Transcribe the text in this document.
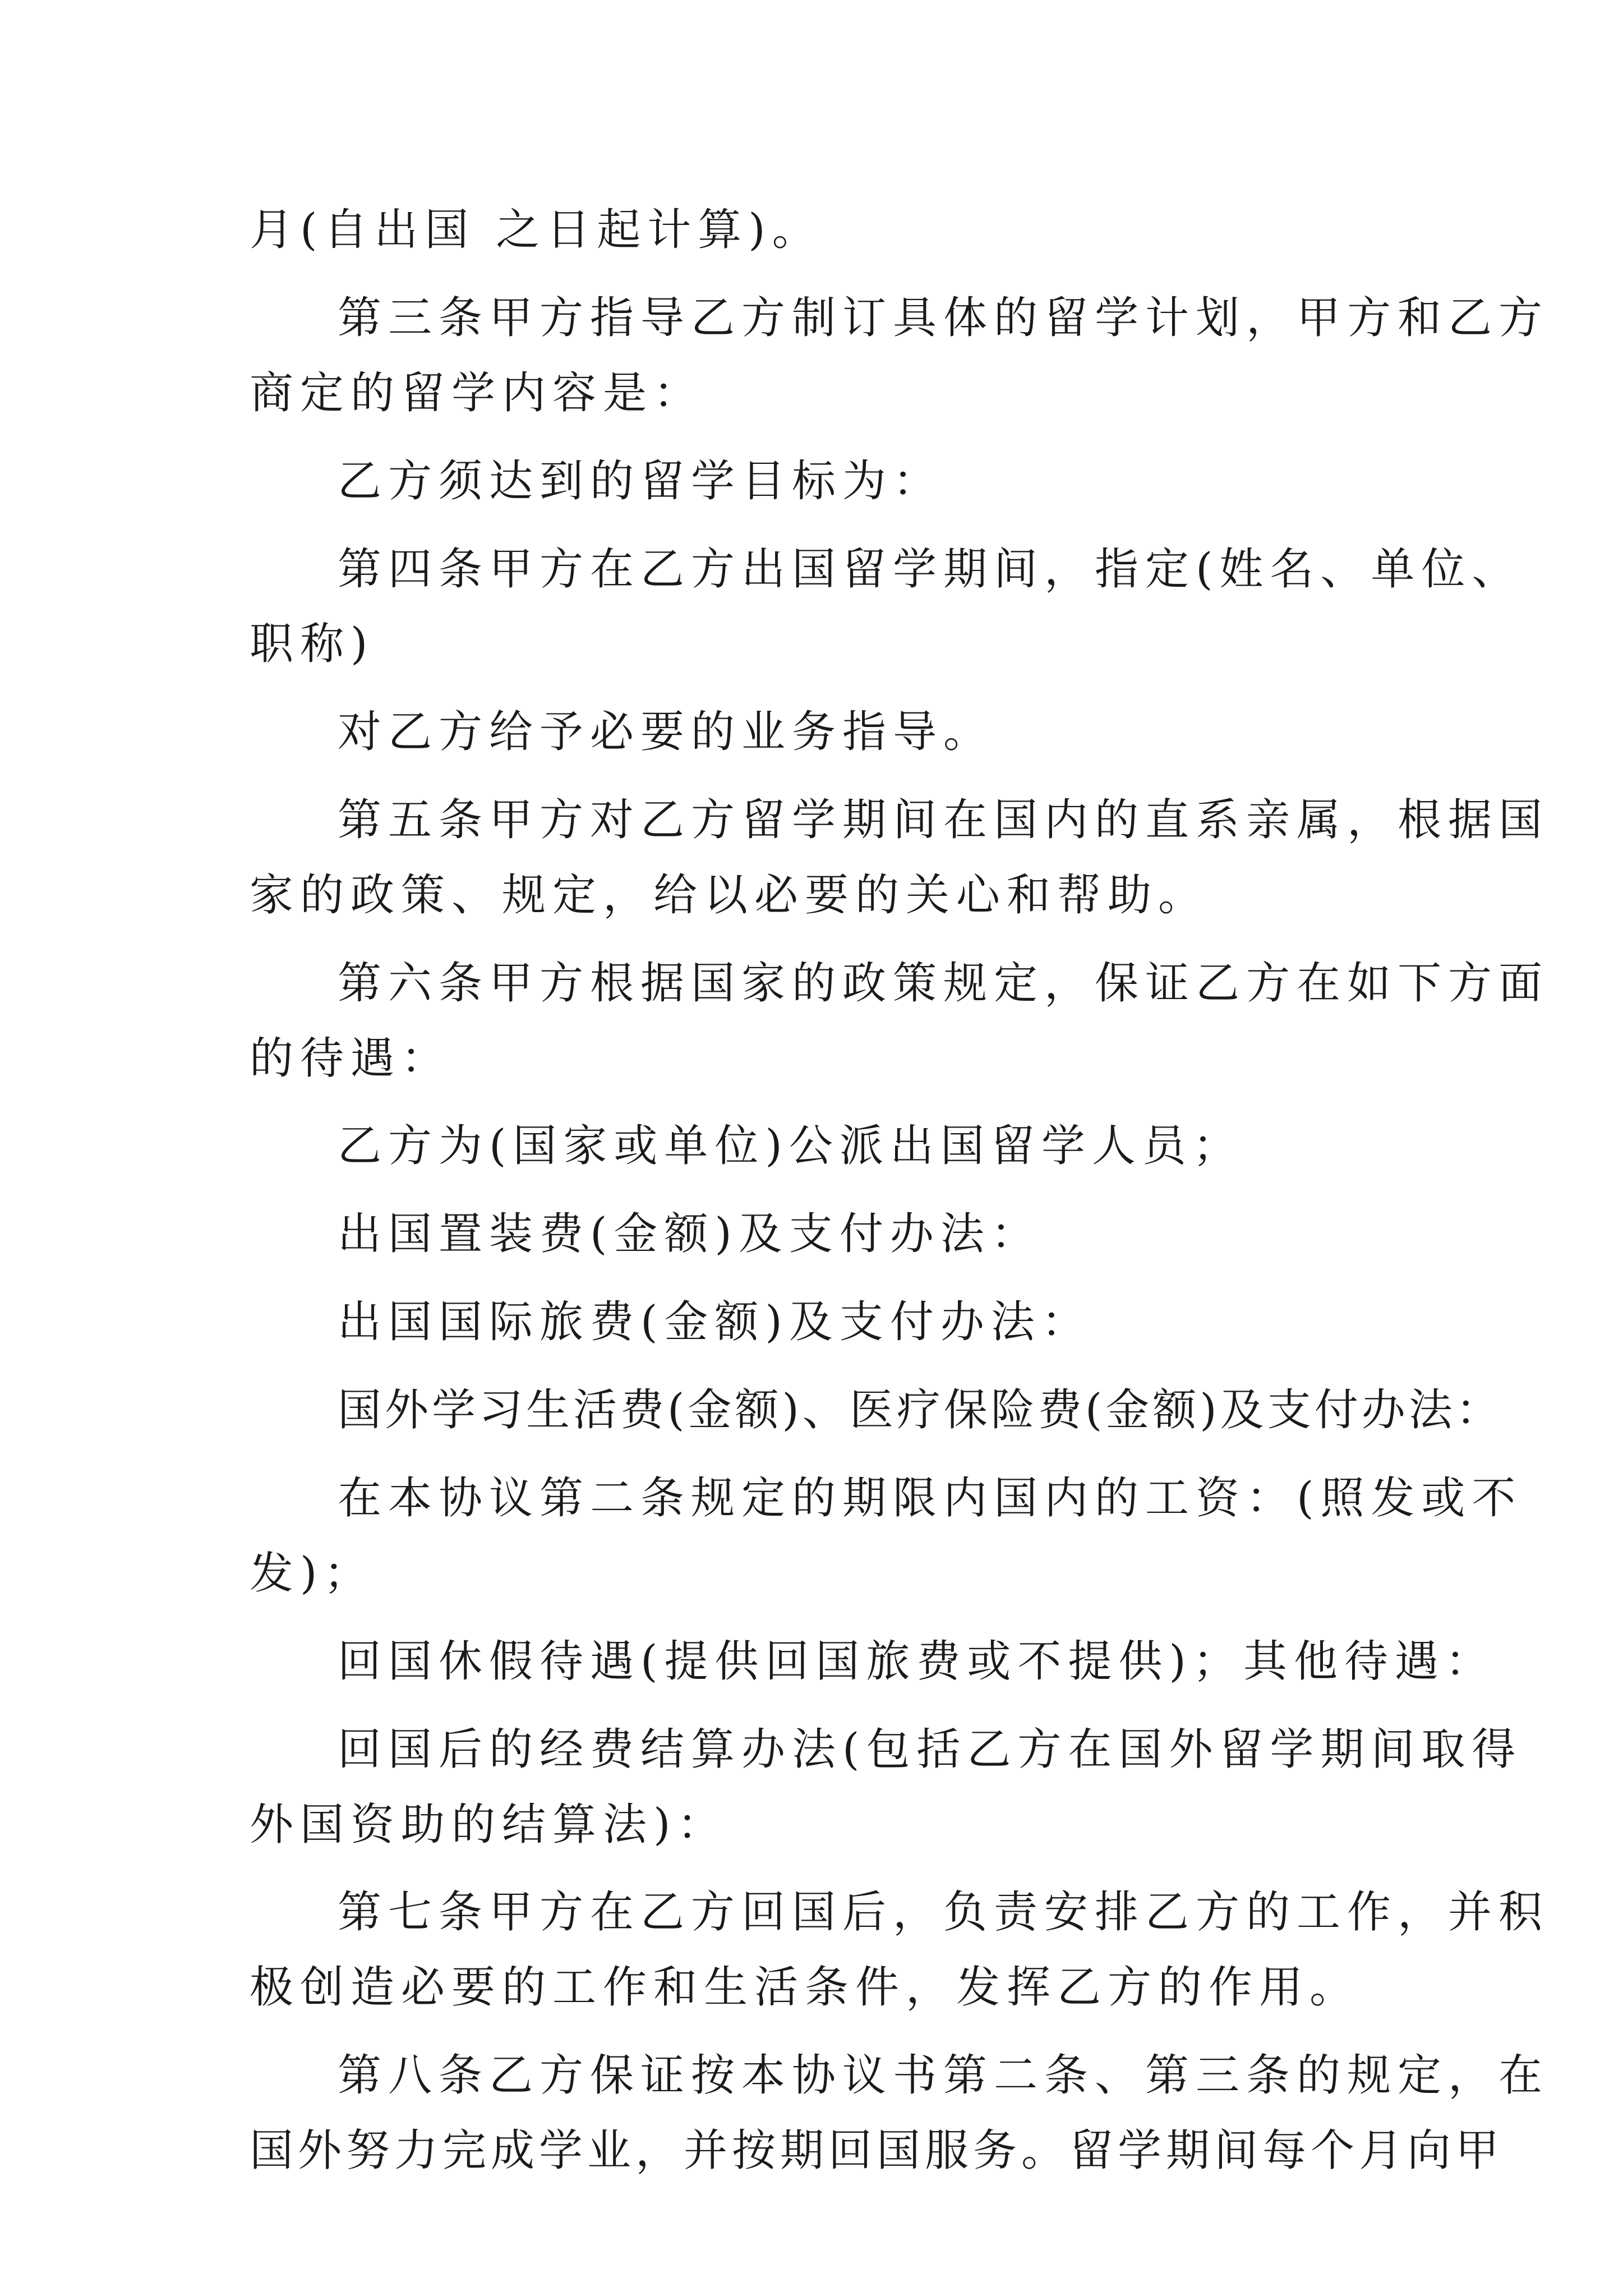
月(自出国 之日起计算)。
第三条甲方指导乙方制订具体的留学计划，甲方和乙方
商定的留学内容是：
乙方须达到的留学目标为：
第四条甲方在乙方出国留学期间，指定(姓名、单位、
职称)
对乙方给予必要的业务指导。
第五条甲方对乙方留学期间在国内的直系亲属，根据国
家的政策、规定，给以必要的关心和帮助。
第六条甲方根据国家的政策规定，保证乙方在如下方面
的待遇：
乙方为(国家或单位)公派出国留学人员；
出国置装费(金额)及支付办法：
出国国际旅费(金额)及支付办法：
国外学习生活费(金额)、医疗保险费(金额)及支付办法：
在本协议第二条规定的期限内国内的工资：(照发或不
发)；
回国休假待遇(提供回国旅费或不提供)；其他待遇：
回国后的经费结算办法(包括乙方在国外留学期间取得
外国资助的结算法)：
第七条甲方在乙方回国后，负责安排乙方的工作，并积
极创造必要的工作和生活条件，发挥乙方的作用。
第八条乙方保证按本协议书第二条、第三条的规定，在
国外努力完成学业，并按期回国服务。留学期间每个月向甲
